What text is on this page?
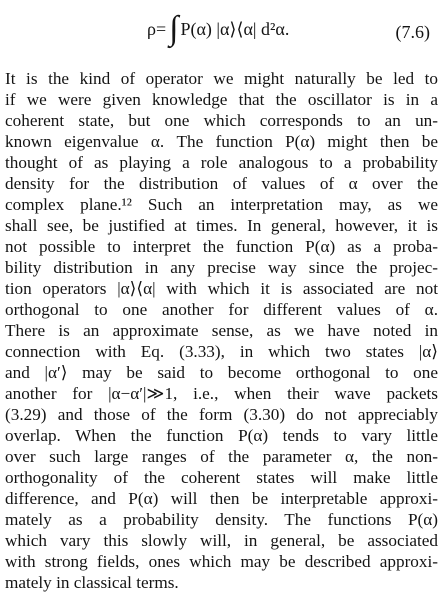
ρ=∫ P(α) |α⟩⟨α| d²α.	(7.6)
It is the kind of operator we might naturally be led to
if we were given knowledge that the oscillator is in a
coherent state, but one which corresponds to an un-
known eigenvalue α. The function P(α) might then be
thought of as playing a role analogous to a probability
density for the distribution of values of α over the
complex plane.¹² Such an interpretation may, as we
shall see, be justified at times. In general, however, it is
not possible to interpret the function P(α) as a proba-
bility distribution in any precise way since the projec-
tion operators |α⟩⟨α| with which it is associated are not
orthogonal to one another for different values of α.
There is an approximate sense, as we have noted in
connection with Eq. (3.33), in which two states |α⟩
and |α′⟩ may be said to become orthogonal to one
another for |α−α′|≫1, i.e., when their wave packets
(3.29) and those of the form (3.30) do not appreciably
overlap. When the function P(α) tends to vary little
over such large ranges of the parameter α, the non-
orthogonality of the coherent states will make little
difference, and P(α) will then be interpretable approxi-
mately as a probability density. The functions P(α)
which vary this slowly will, in general, be associated
with strong fields, ones which may be described approxi-
mately in classical terms.
